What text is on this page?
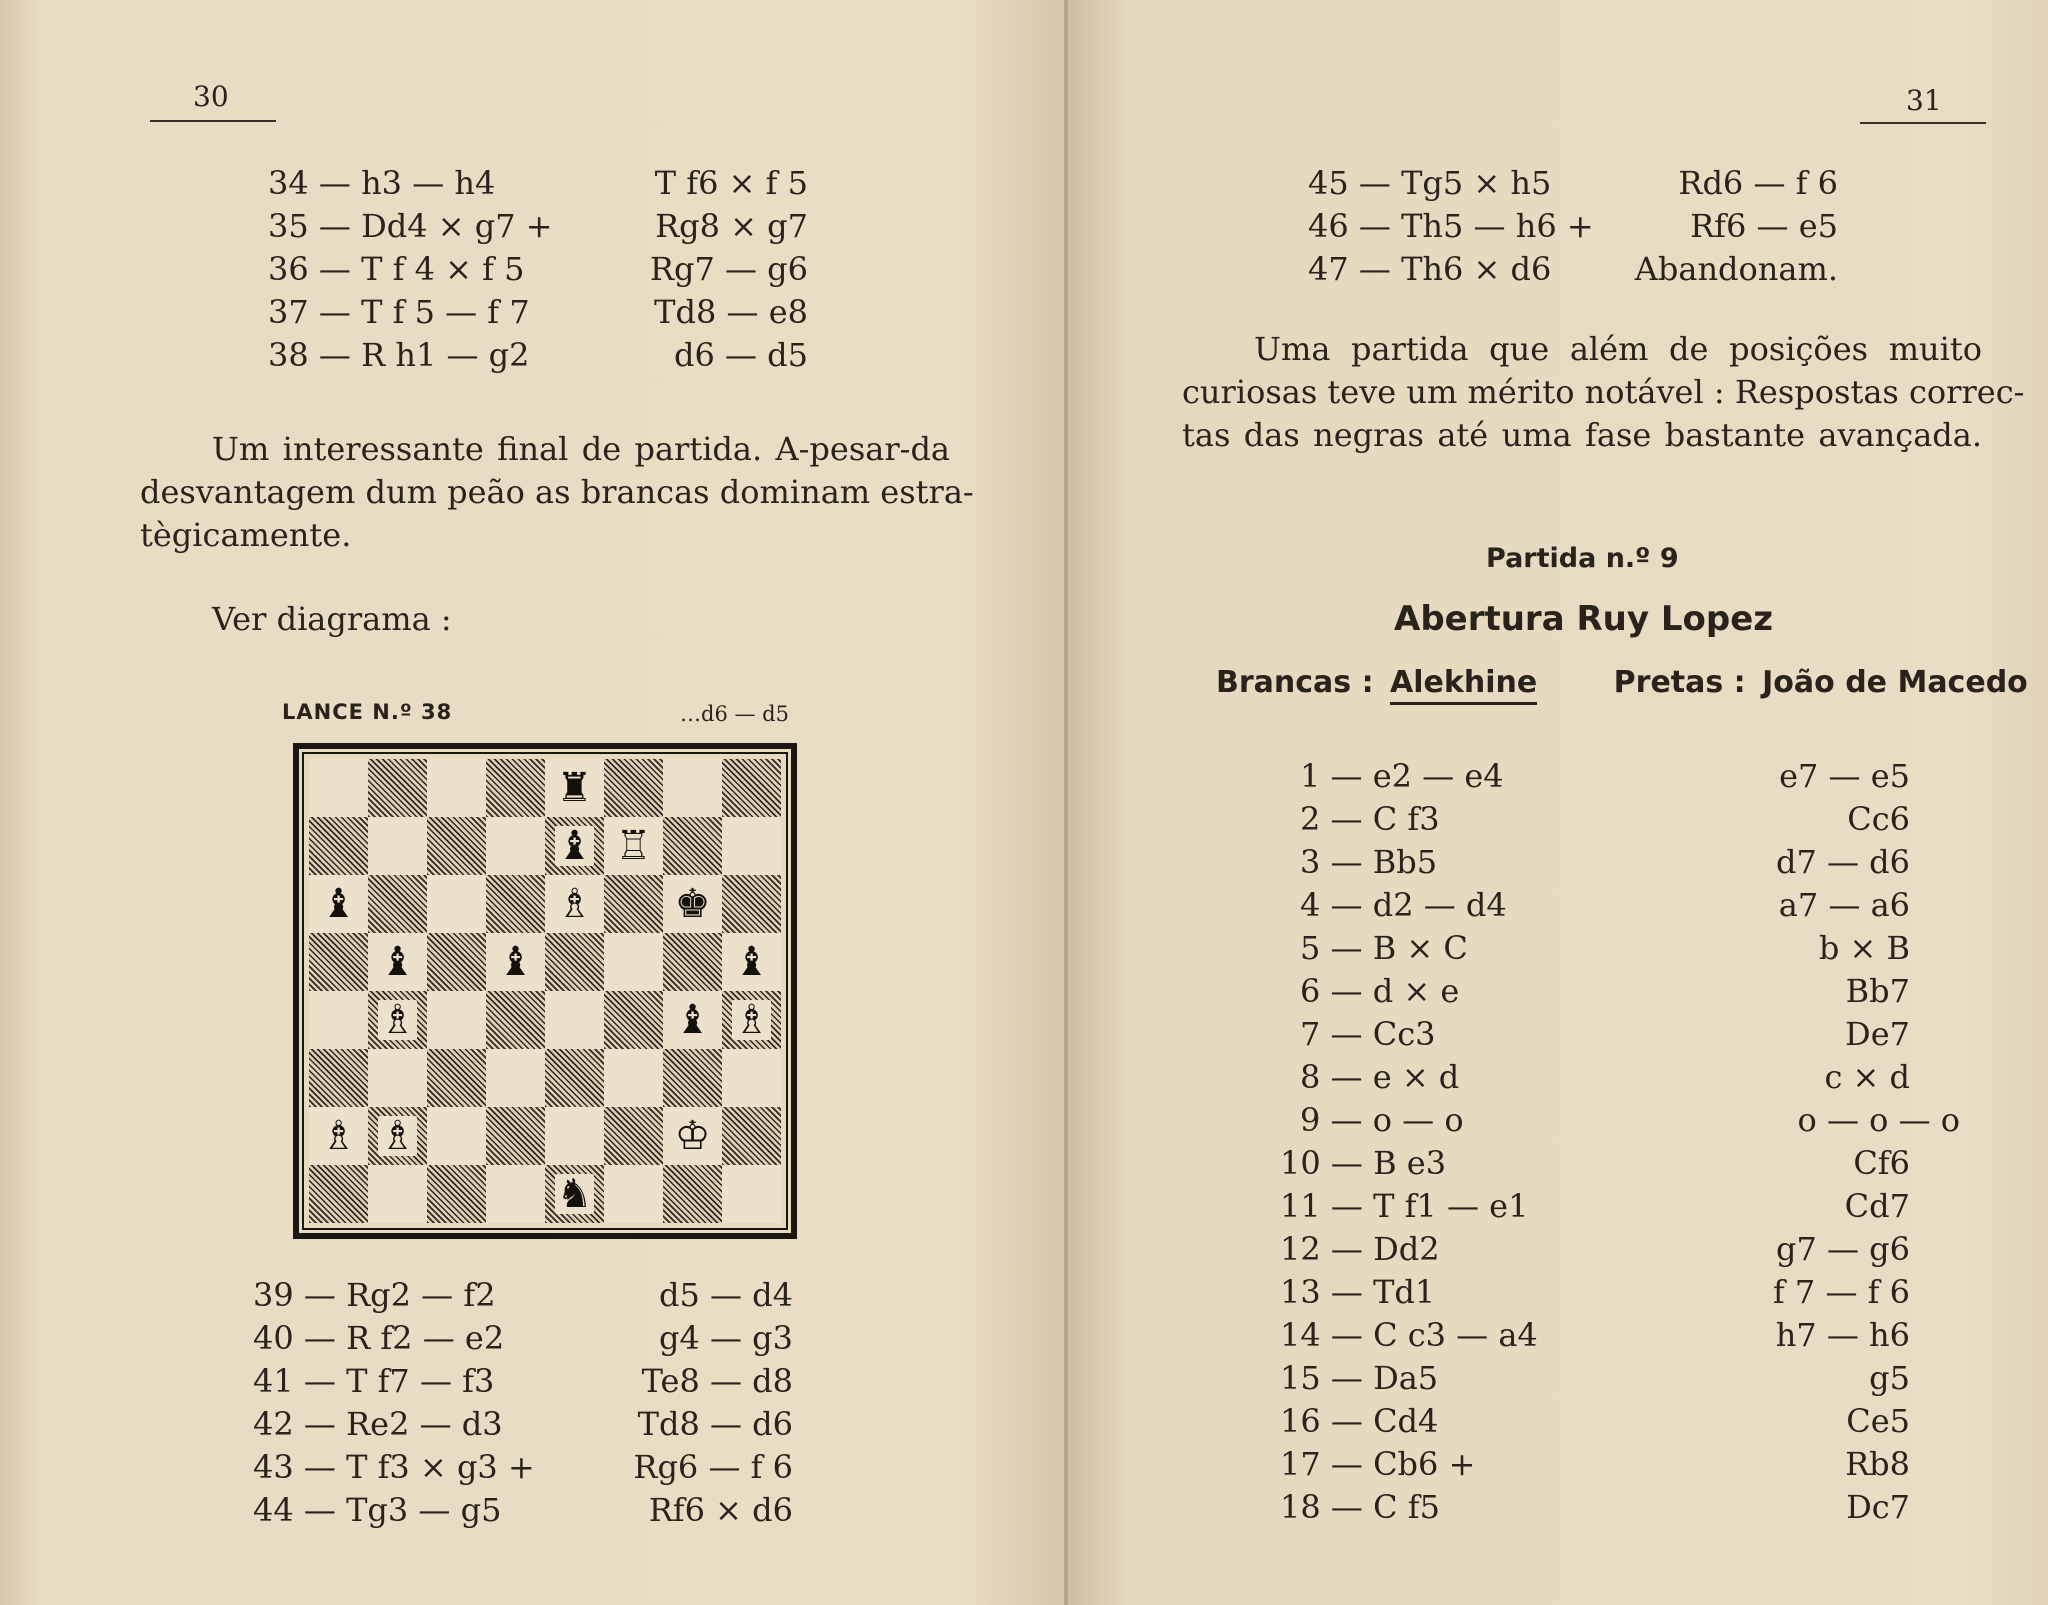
30
34 — h3 — h4	T f6 ⨯ f 5
35 — Dd4 ⨯ g7 +	Rg8 ⨯ g7
36 — T f 4 ⨯ f 5	Rg7 — g6
37 — T f 5 — f 7	Td8 — e8
38 — R h1 — g2	d6 — d5
Um interessante final de partida. A-pesar-da
desvantagem dum peão as brancas dominam estra-
tègicamente.
Ver diagrama :
LANCE N.º 38	…d6 — d5
♜
♝ ♖
♝	♗ ♚
♝ ♝	♝
♗	♝ ♗
♗ ♗	♔
♞
39 — Rg2 — f2	d5 — d4
40 — R f2 — e2	g4 — g3
41 — T f7 — f3	Te8 — d8
42 — Re2 — d3	Td8 — d6
43 — T f3 ⨯ g3 +	Rg6 — f 6
44 — Tg3 — g5	Rf6 ⨯ d6
31
45 — Tg5 ⨯ h5	Rd6 — f 6
46 — Th5 — h6 +	Rf6 — e5
47 — Th6 ⨯ d6	Abandonam.
Uma partida que além de posições muito
curiosas teve um mérito notável : Respostas correc-
tas das negras até uma fase bastante avançada.
Partida n.º 9
Abertura Ruy Lopez
Brancas : Alekhine	Pretas : João de Macedo
1 — e2 — e4	e7 — e5
2 — C f3	Cc6
3 — Bb5	d7 — d6
4 — d2 — d4	a7 — a6
5 — B ⨯ C	b ⨯ B
6 — d ⨯ e	Bb7
7 — Cc3	De7
8 — e ⨯ d	c ⨯ d
9 — o — o	o — o — o
10 — B e3	Cf6
11 — T f1 — e1	Cd7
12 — Dd2	g7 — g6
13 — Td1	f 7 — f 6
14 — C c3 — a4	h7 — h6
15 — Da5	g5
16 — Cd4	Ce5
17 — Cb6 +	Rb8
18 — C f5	Dc7
